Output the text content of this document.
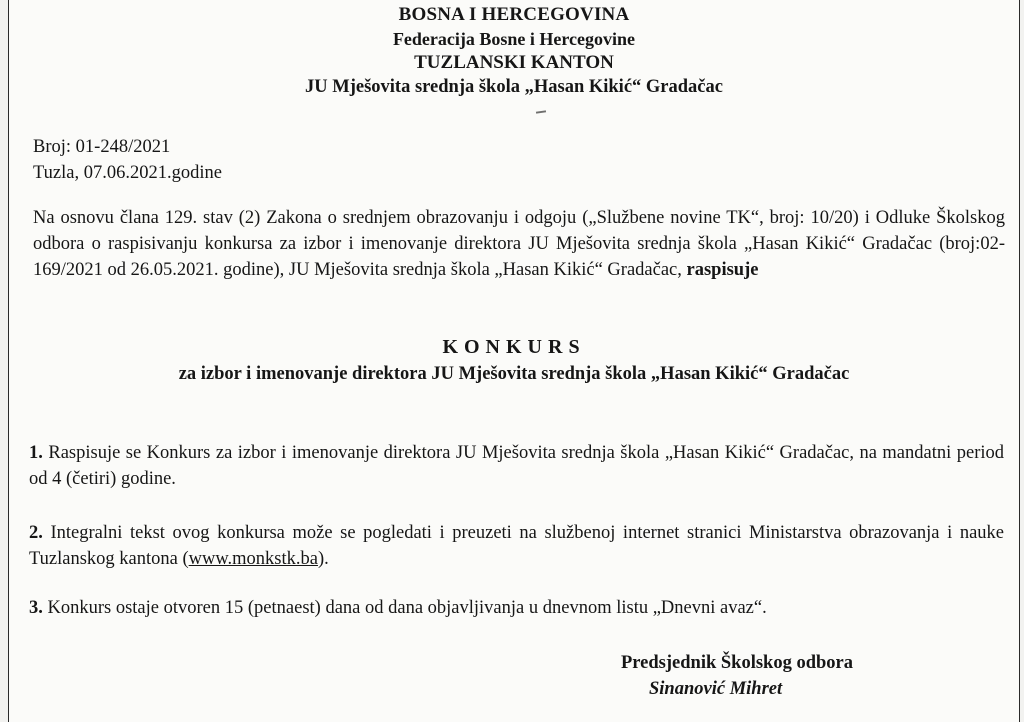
BOSNA I HERCEGOVINA
Federacija Bosne i Hercegovine
TUZLANSKI KANTON
JU Mješovita srednja škola „Hasan Kikić“ Gradačac
Broj: 01-248/2021
Tuzla, 07.06.2021.godine
Na osnovu člana 129. stav (2) Zakona o srednjem obrazovanju i odgoju („Službene novine TK“, broj: 10/20) i Odluke Školskog odbora o raspisivanju konkursa za izbor i imenovanje direktora JU Mješovita srednja škola „Hasan Kikić“ Gradačac (broj:02-169/2021 od 26.05.2021. godine), JU Mješovita srednja škola „Hasan Kikić“ Gradačac, raspisuje
KONKURS
za izbor i imenovanje direktora JU Mješovita srednja škola „Hasan Kikić“ Gradačac
1. Raspisuje se Konkurs za izbor i imenovanje direktora JU Mješovita srednja škola „Hasan Kikić“ Gradačac, na mandatni period od 4 (četiri) godine.
2. Integralni tekst ovog konkursa može se pogledati i preuzeti na službenoj internet stranici Ministarstva obrazovanja i nauke Tuzlanskog kantona (www.monkstk.ba).
3. Konkurs ostaje otvoren 15 (petnaest) dana od dana objavljivanja u dnevnom listu „Dnevni avaz“.
Predsjednik Školskog odbora
Sinanović Mihret
